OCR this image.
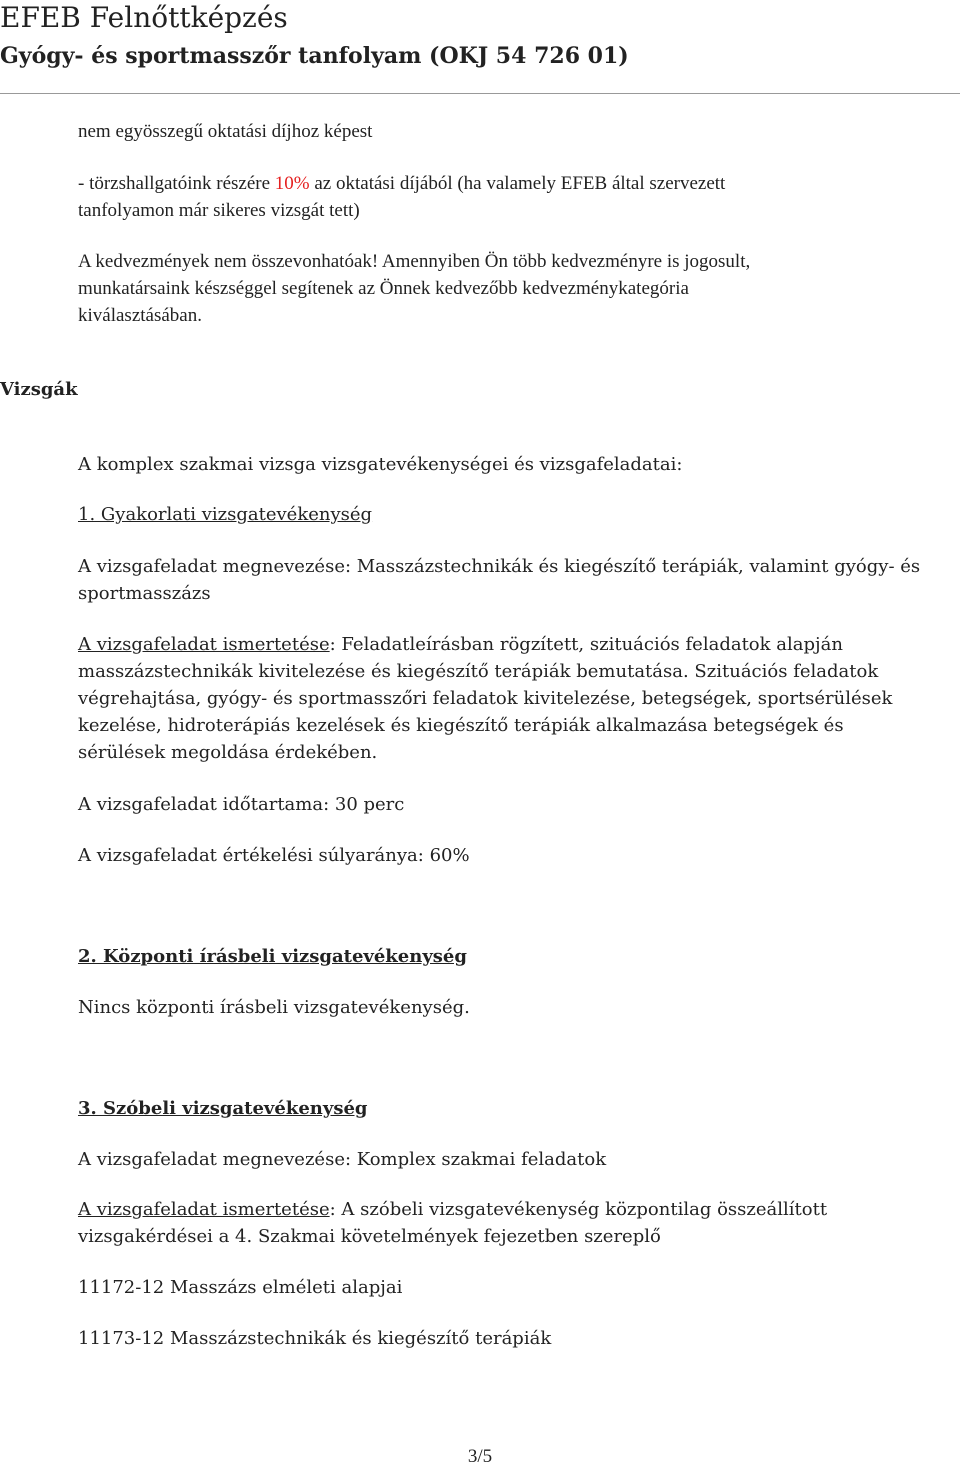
EFEB Felnőttképzés
Gyógy- és sportmasszőr tanfolyam (OKJ 54 726 01)

nem egyösszegű oktatási díjhoz képest

- törzshallgatóink részére 10% az oktatási díjából (ha valamely EFEB által szervezett

tanfolyamon már sikeres vizsgát tett)

A kedvezmények nem összevonhatóak! Amennyiben Ön több kedvezményre is jogosult,

munkatársaink készséggel segítenek az Önnek kedvezőbb kedvezménykategória

kiválasztásában.

Vizsgák

A komplex szakmai vizsga vizsgatevékenységei és vizsgafeladatai:

1. Gyakorlati vizsgatevékenység

A vizsgafeladat megnevezése: Masszázstechnikák és kiegészítő terápiák, valamint gyógy- és

sportmasszázs

A vizsgafeladat ismertetése: Feladatleírásban rögzített, szituációs feladatok alapján

masszázstechnikák kivitelezése és kiegészítő terápiák bemutatása. Szituációs feladatok

végrehajtása, gyógy- és sportmasszőri feladatok kivitelezése, betegségek, sportsérülések

kezelése, hidroterápiás kezelések és kiegészítő terápiák alkalmazása betegségek és

sérülések megoldása érdekében.

A vizsgafeladat időtartama: 30 perc

A vizsgafeladat értékelési súlyaránya: 60%

2. Központi írásbeli vizsgatevékenység

Nincs központi írásbeli vizsgatevékenység.

3. Szóbeli vizsgatevékenység

A vizsgafeladat megnevezése: Komplex szakmai feladatok

A vizsgafeladat ismertetése: A szóbeli vizsgatevékenység központilag összeállított

vizsgakérdései a 4. Szakmai követelmények fejezetben szereplő

11172-12 Masszázs elméleti alapjai

11173-12 Masszázstechnikák és kiegészítő terápiák

3/5
